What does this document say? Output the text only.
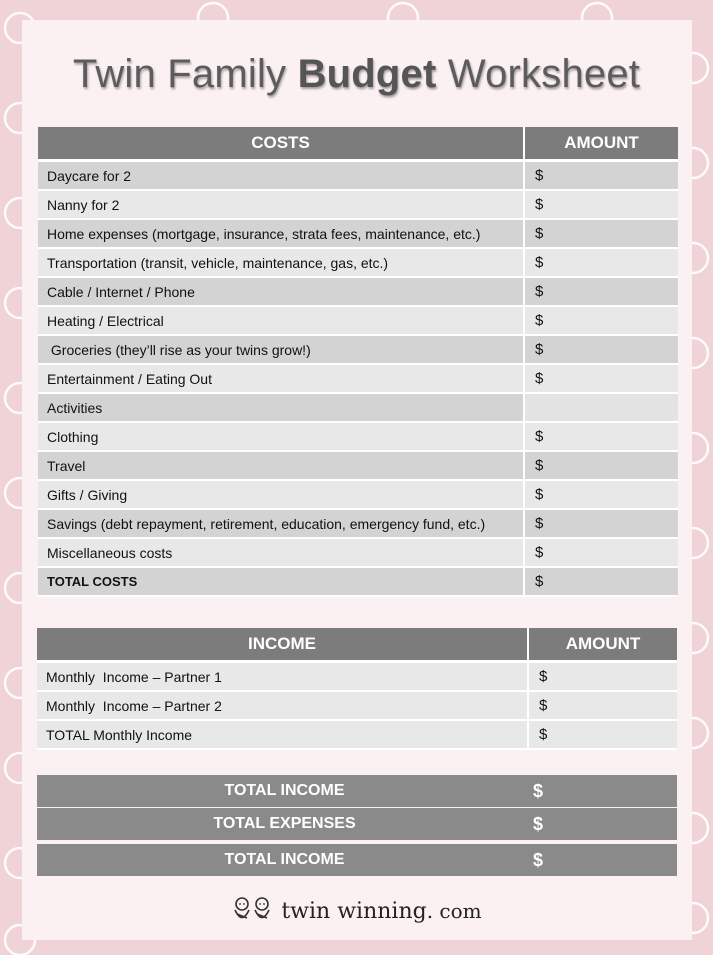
Twin Family Budget Worksheet
COSTS	AMOUNT
Daycare for 2	$
Nanny for 2	$
Home expenses (mortgage, insurance, strata fees, maintenance, etc.)	$
Transportation (transit, vehicle, maintenance, gas, etc.)	$
Cable / Internet / Phone	$
Heating / Electrical	$
Groceries (they’ll rise as your twins grow!)	$
Entertainment / Eating Out	$
Activities	
Clothing	$
Travel	$
Gifts / Giving	$
Savings (debt repayment, retirement, education, emergency fund, etc.)	$
Miscellaneous costs	$
TOTAL COSTS	$
INCOME	AMOUNT
Monthly  Income – Partner 1	$
Monthly  Income – Partner 2	$
TOTAL Monthly Income	$
TOTAL INCOME	$
TOTAL EXPENSES	$
TOTAL INCOME	$
twin winning. com
